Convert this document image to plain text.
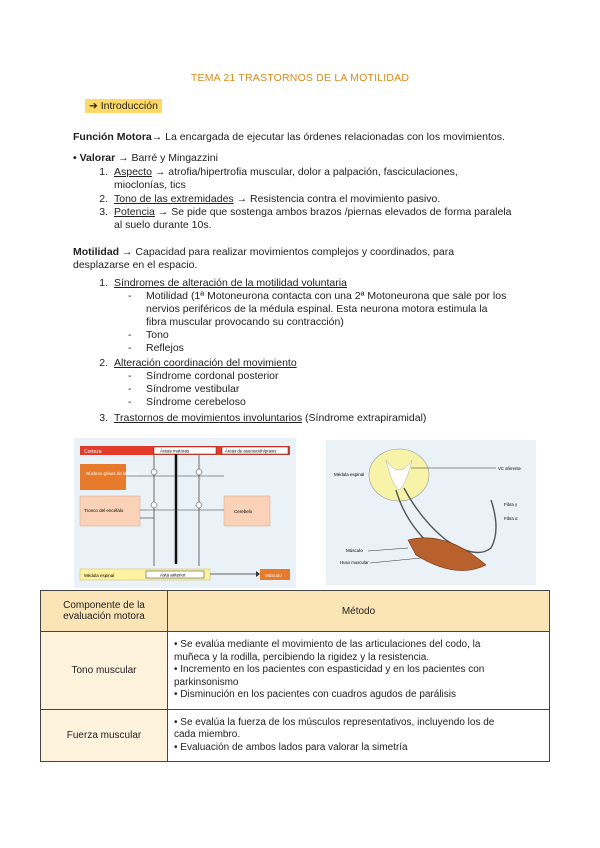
TEMA 21 TRASTORNOS DE LA MOTILIDAD
➔ Introducción
Función Motora→ La encargada de ejecutar las órdenes relacionadas con los movimientos.
• Valorar → Barré y Mingazzini
1. Aspecto → atrofia/hipertrofia muscular, dolor a palpación, fasciculaciones,
mioclonías, tics
2. Tono de las extremidades → Resistencia contra el movimiento pasivo.
3. Potencia → Se pide que sostenga ambos brazos /piernas elevados de forma paralela
al suelo durante 10s.
Motilidad → Capacidad para realizar movimientos complejos y coordinados, para
desplazarse en el espacio.
1. Síndromes de alteración de la motilidad voluntaria
- Motilidad (1ª Motoneurona contacta con una 2ª Motoneurona que sale por los
nervios periféricos de la médula espinal. Esta neurona motora estimula la
fibra muscular provocando su contracción)
- Tono
- Reflejos
2. Alteración coordinación del movimiento
- Síndrome cordonal posterior
- Síndrome vestibular
- Síndrome cerebeloso
3. Trastornos de movimientos involuntarios (Síndrome extrapiramidal)
Corteza	Áreas motoras	Áreas de asociación/praxis
Núcleos grises de la base
Tronco del encéfalo	Cerebelo
Médula espinal	Asta anterior	Músculo
Médula espinal
VC aferente
Fibra γ
Fibra α
Músculo
Huso muscular
Componente de la evaluación motora	Método
Tono muscular	• Se evalúa mediante el movimiento de las articulaciones del codo, la
muñeca y la rodilla, percibiendo la rigidez y la resistencia.
• Incremento en los pacientes con espasticidad y en los pacientes con
parkinsonismo
• Disminución en los pacientes con cuadros agudos de parálisis

Fuerza muscular	• Se evalúa la fuerza de los músculos representativos, incluyendo los de
cada miembro.
• Evaluación de ambos lados para valorar la simetría
